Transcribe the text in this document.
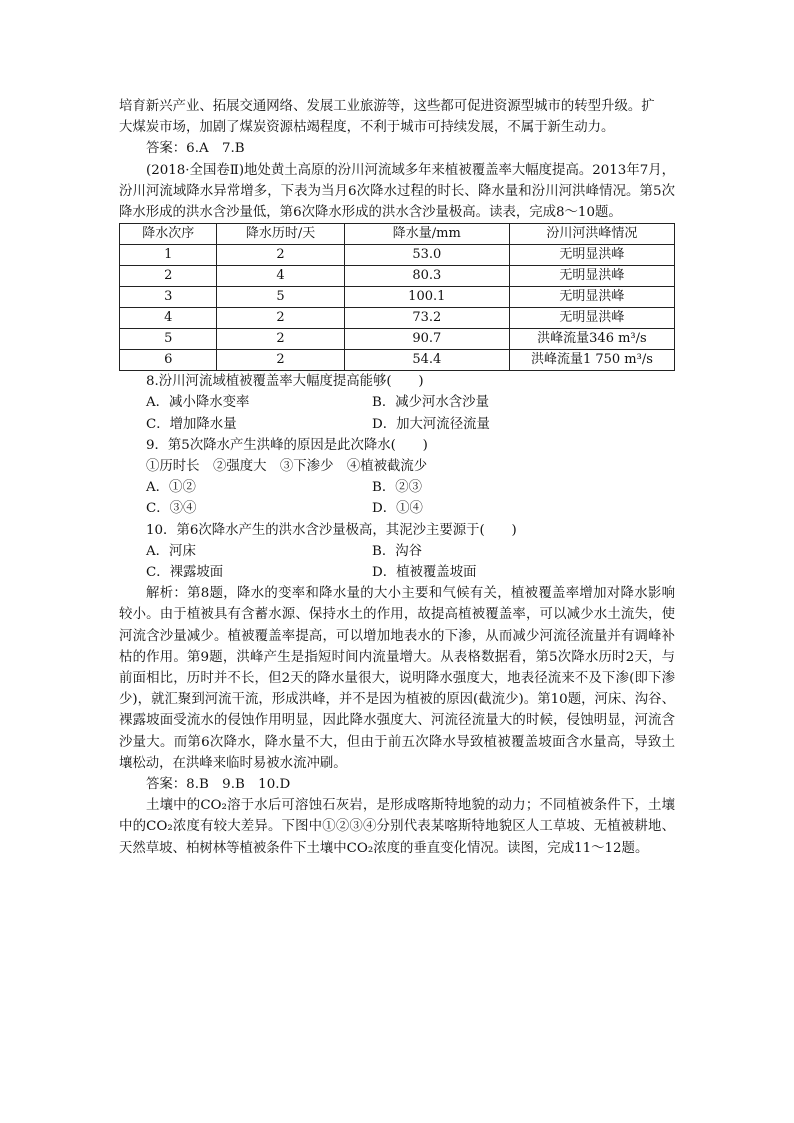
培育新兴产业、拓展交通网络、发展工业旅游等，这些都可促进资源型城市的转型升级。扩

大煤炭市场，加剧了煤炭资源枯竭程度，不利于城市可持续发展，不属于新生动力。

答案：6.A　7.B

(2018·全国卷Ⅱ)地处黄土高原的汾川河流域多年来植被覆盖率大幅度提高。2013年7月，汾川河流域降水异常增多，下表为当月6次降水过程的时长、降水量和汾川河洪峰情况。第5次降水形成的洪水含沙量低，第6次降水形成的洪水含沙量极高。读表，完成8～10题。

降水次序	降水历时/天	降水量/mm	汾川河洪峰情况
1	2	53.0	无明显洪峰
2	4	80.3	无明显洪峰
3	5	100.1	无明显洪峰
4	2	73.2	无明显洪峰
5	2	90.7	洪峰流量346 m³/s
6	2	54.4	洪峰流量1 750 m³/s

8.汾川河流域植被覆盖率大幅度提高能够(　　)

A．减小降水变率	B．减少河水含沙量
C．增加降水量	D．加大河流径流量

9．第5次降水产生洪峰的原因是此次降水(　　)

①历时长　②强度大　③下渗少　④植被截流少

A．①②	B．②③
C．③④	D．①④

10．第6次降水产生的洪水含沙量极高，其泥沙主要源于(　　)

A．河床	B．沟谷
C．裸露坡面	D．植被覆盖坡面

解析：第8题，降水的变率和降水量的大小主要和气候有关，植被覆盖率增加对降水影响较小。由于植被具有含蓄水源、保持水土的作用，故提高植被覆盖率，可以减少水土流失，使河流含沙量减少。植被覆盖率提高，可以增加地表水的下渗，从而减少河流径流量并有调峰补枯的作用。第9题，洪峰产生是指短时间内流量增大。从表格数据看，第5次降水历时2天，与前面相比，历时并不长，但2天的降水量很大，说明降水强度大，地表径流来不及下渗(即下渗少)，就汇聚到河流干流，形成洪峰，并不是因为植被的原因(截流少)。第10题，河床、沟谷、裸露坡面受流水的侵蚀作用明显，因此降水强度大、河流径流量大的时候，侵蚀明显，河流含沙量大。而第6次降水，降水量不大，但由于前五次降水导致植被覆盖坡面含水量高，导致土壤松动，在洪峰来临时易被水流冲刷。

答案：8.B　9.B　10.D

土壤中的CO₂溶于水后可溶蚀石灰岩，是形成喀斯特地貌的动力；不同植被条件下，土壤中的CO₂浓度有较大差异。下图中①②③④分别代表某喀斯特地貌区人工草坡、无植被耕地、天然草坡、柏树林等植被条件下土壤中CO₂浓度的垂直变化情况。读图，完成11～12题。
